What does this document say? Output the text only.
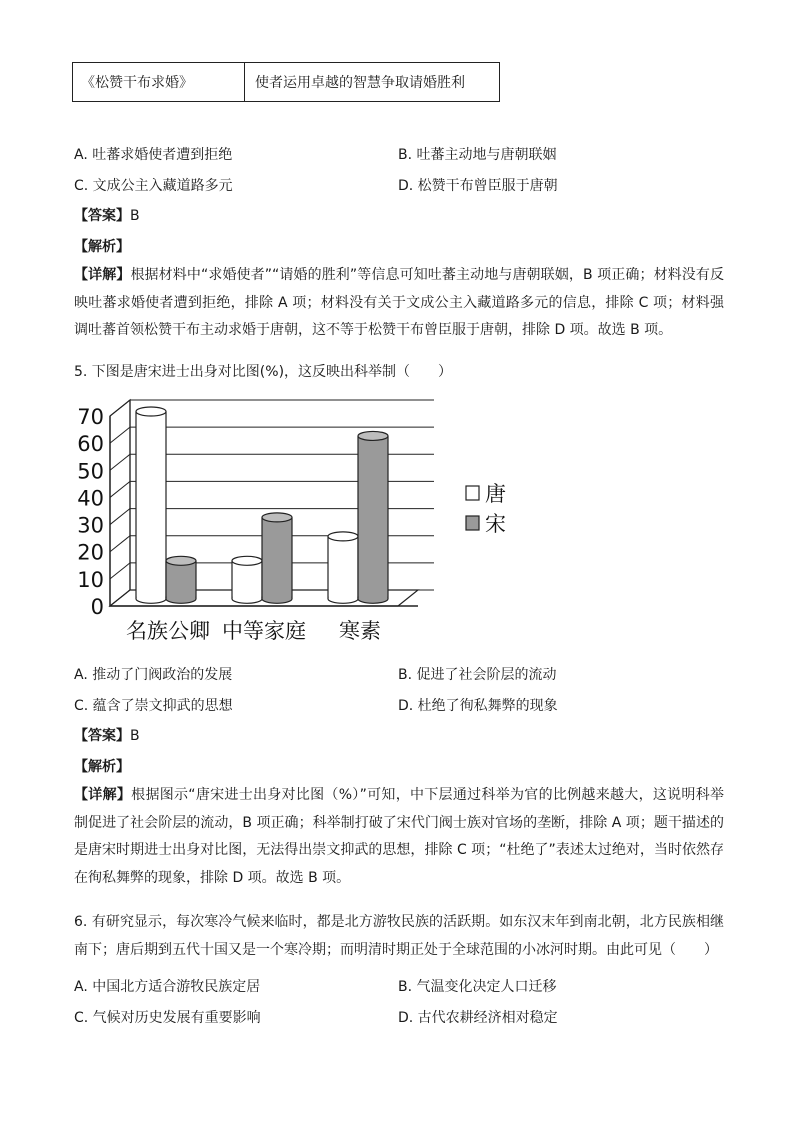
《松赞干布求婚》	使者运用卓越的智慧争取请婚胜利
A. 吐蕃求婚使者遭到拒绝	B. 吐蕃主动地与唐朝联姻
C. 文成公主入藏道路多元	D. 松赞干布曾臣服于唐朝
【答案】B
【解析】
【详解】根据材料中“求婚使者”“请婚的胜利”等信息可知吐蕃主动地与唐朝联姻，B 项正确；材料没有反映吐蕃求婚使者遭到拒绝，排除 A 项；材料没有关于文成公主入藏道路多元的信息，排除 C 项；材料强调吐蕃首领松赞干布主动求婚于唐朝，这不等于松赞干布曾臣服于唐朝，排除 D 项。故选 B 项。
5. 下图是唐宋进士出身对比图(%)，这反映出科举制（　　）
0
10
20
30
40
50
60
70
名族公卿 中等家庭 寒素
唐
宋
A. 推动了门阀政治的发展	B. 促进了社会阶层的流动
C. 蕴含了崇文抑武的思想	D. 杜绝了徇私舞弊的现象
【答案】B
【解析】
【详解】根据图示“唐宋进士出身对比图（%）”可知，中下层通过科举为官的比例越来越大，这说明科举制促进了社会阶层的流动，B 项正确；科举制打破了宋代门阀士族对官场的垄断，排除 A 项；题干描述的是唐宋时期进士出身对比图，无法得出崇文抑武的思想，排除 C 项；“杜绝了”表述太过绝对，当时依然存在徇私舞弊的现象，排除 D 项。故选 B 项。
6. 有研究显示，每次寒冷气候来临时，都是北方游牧民族的活跃期。如东汉末年到南北朝，北方民族相继南下；唐后期到五代十国又是一个寒冷期；而明清时期正处于全球范围的小冰河时期。由此可见（　　）
A. 中国北方适合游牧民族定居	B. 气温变化决定人口迁移
C. 气候对历史发展有重要影响	D. 古代农耕经济相对稳定
